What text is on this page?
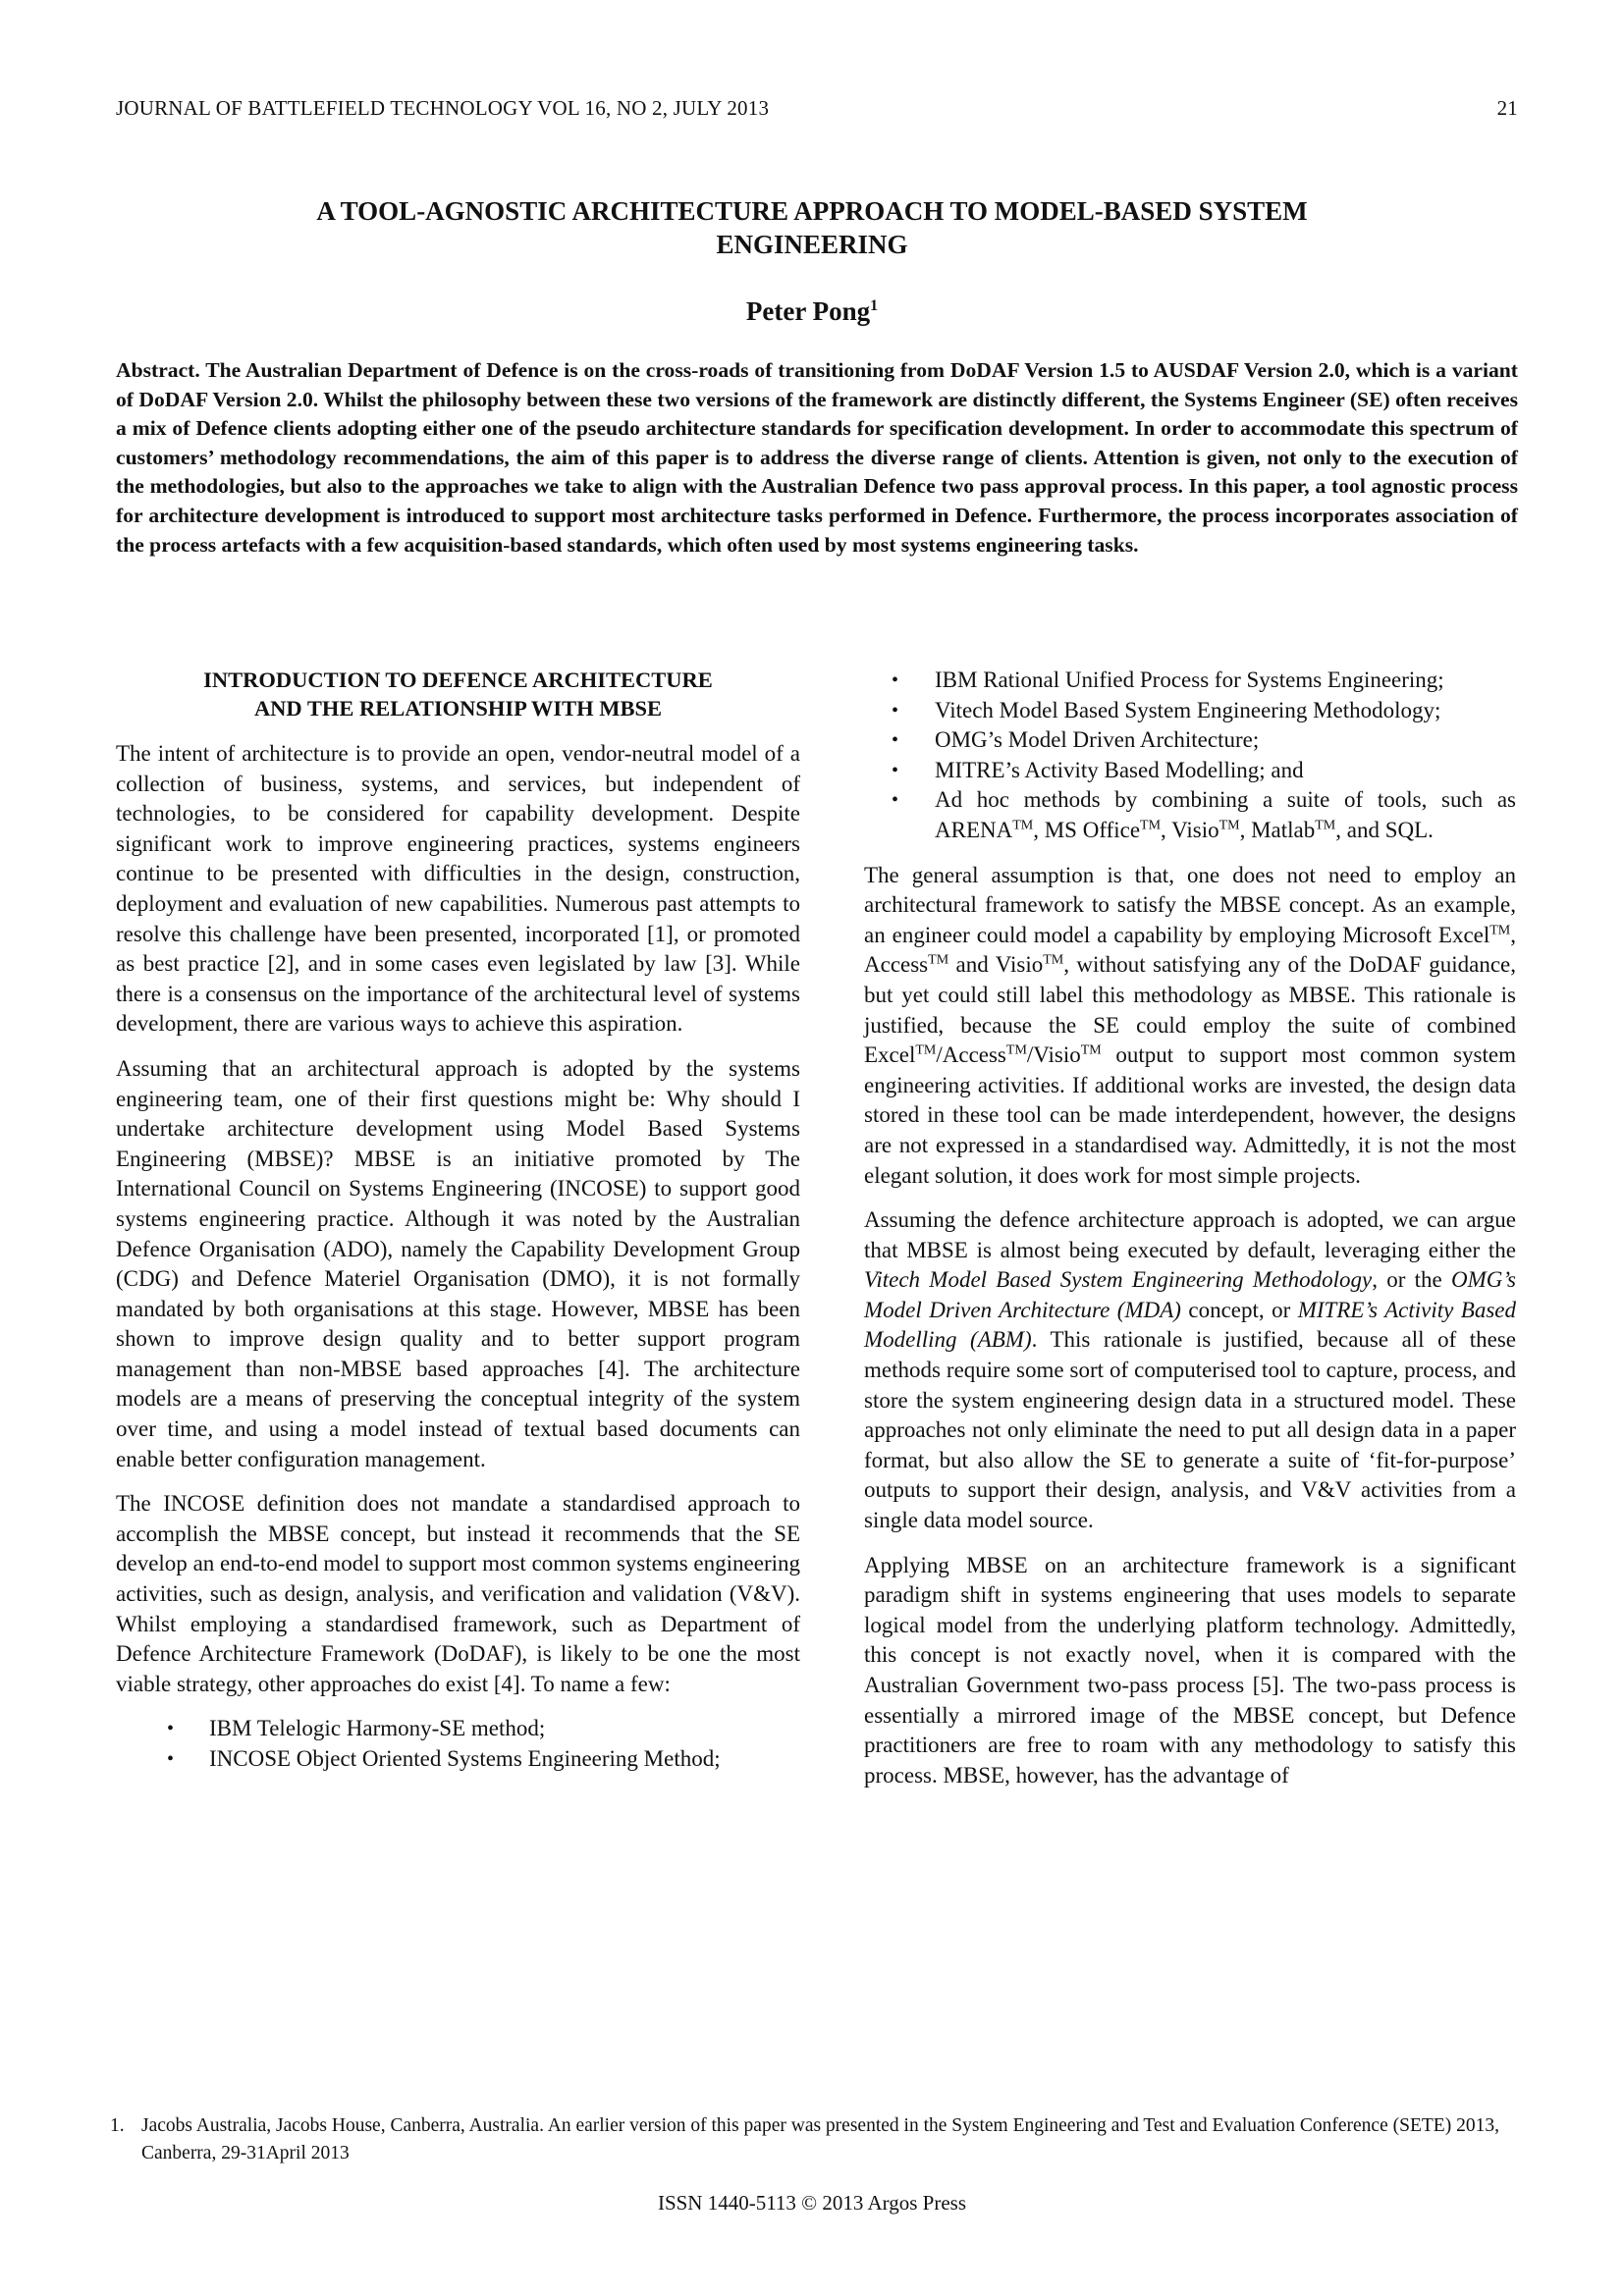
JOURNAL OF BATTLEFIELD TECHNOLOGY VOL 16, NO 2, JULY 2013	21
A TOOL-AGNOSTIC ARCHITECTURE APPROACH TO MODEL-BASED SYSTEM
ENGINEERING
Peter Pong$^1$
Abstract. The Australian Department of Defence is on the cross-roads of transitioning from DoDAF Version 1.5 to AUSDAF Version 2.0, which is a variant of DoDAF Version 2.0. Whilst the philosophy between these two versions of the framework are distinctly different, the Systems Engineer (SE) often receives a mix of Defence clients adopting either one of the pseudo architecture standards for specification development. In order to accommodate this spectrum of customers’ methodology recommendations, the aim of this paper is to address the diverse range of clients. Attention is given, not only to the execution of the methodologies, but also to the approaches we take to align with the Australian Defence two pass approval process. In this paper, a tool agnostic process for architecture development is introduced to support most architecture tasks performed in Defence. Furthermore, the process incorporates association of the process artefacts with a few acquisition-based standards, which often used by most systems engineering tasks.
INTRODUCTION TO DEFENCE ARCHITECTURE
AND THE RELATIONSHIP WITH MBSE

The intent of architecture is to provide an open, vendor-neutral model of a collection of business, systems, and services, but independent of technologies, to be considered for capability development. Despite significant work to improve engineering practices, systems engineers continue to be presented with difficulties in the design, construction, deployment and evaluation of new capabilities. Numerous past attempts to resolve this challenge have been presented, incorporated [1], or promoted as best practice [2], and in some cases even legislated by law [3]. While there is a consensus on the importance of the architectural level of systems development, there are various ways to achieve this aspiration.

Assuming that an architectural approach is adopted by the systems engineering team, one of their first questions might be: Why should I undertake architecture development using Model Based Systems Engineering (MBSE)? MBSE is an initiative promoted by The International Council on Systems Engineering (INCOSE) to support good systems engineering practice. Although it was noted by the Australian Defence Organisation (ADO), namely the Capability Development Group (CDG) and Defence Materiel Organisation (DMO), it is not formally mandated by both organisations at this stage. However, MBSE has been shown to improve design quality and to better support program management than non-MBSE based approaches [4]. The architecture models are a means of preserving the conceptual integrity of the system over time, and using a model instead of textual based documents can enable better configuration management.

The INCOSE definition does not mandate a standardised approach to accomplish the MBSE concept, but instead it recommends that the SE develop an end-to-end model to support most common systems engineering activities, such as design, analysis, and verification and validation (V&V). Whilst employing a standardised framework, such as Department of Defence Architecture Framework (DoDAF), is likely to be one the most viable strategy, other approaches do exist [4]. To name a few:

• IBM Telelogic Harmony-SE method;
• INCOSE Object Oriented Systems Engineering Method;
• IBM Rational Unified Process for Systems Engineering;
• Vitech Model Based System Engineering Methodology;
• OMG’s Model Driven Architecture;
• MITRE’s Activity Based Modelling; and
• Ad hoc methods by combining a suite of tools, such as ARENA™, MS Office™, Visio™, Matlab™, and SQL.

The general assumption is that, one does not need to employ an architectural framework to satisfy the MBSE concept. As an example, an engineer could model a capability by employing Microsoft Excel™, Access™ and Visio™, without satisfying any of the DoDAF guidance, but yet could still label this methodology as MBSE. This rationale is justified, because the SE could employ the suite of combined Excel™/Access™/Visio™ output to support most common system engineering activities. If additional works are invested, the design data stored in these tool can be made interdependent, however, the designs are not expressed in a standardised way. Admittedly, it is not the most elegant solution, it does work for most simple projects.

Assuming the defence architecture approach is adopted, we can argue that MBSE is almost being executed by default, leveraging either the Vitech Model Based System Engineering Methodology, or the OMG’s Model Driven Architecture (MDA) concept, or MITRE’s Activity Based Modelling (ABM). This rationale is justified, because all of these methods require some sort of computerised tool to capture, process, and store the system engineering design data in a structured model. These approaches not only eliminate the need to put all design data in a paper format, but also allow the SE to generate a suite of ‘fit-for-purpose’ outputs to support their design, analysis, and V&V activities from a single data model source.

Applying MBSE on an architecture framework is a significant paradigm shift in systems engineering that uses models to separate logical model from the underlying platform technology. Admittedly, this concept is not exactly novel, when it is compared with the Australian Government two-pass process [5]. The two-pass process is essentially a mirrored image of the MBSE concept, but Defence practitioners are free to roam with any methodology to satisfy this process. MBSE, however, has the advantage of

1. Jacobs Australia, Jacobs House, Canberra, Australia. An earlier version of this paper was presented in the System Engineering and Test and Evaluation Conference (SETE) 2013, Canberra, 29-31April 2013
ISSN 1440-5113 © 2013 Argos Press
